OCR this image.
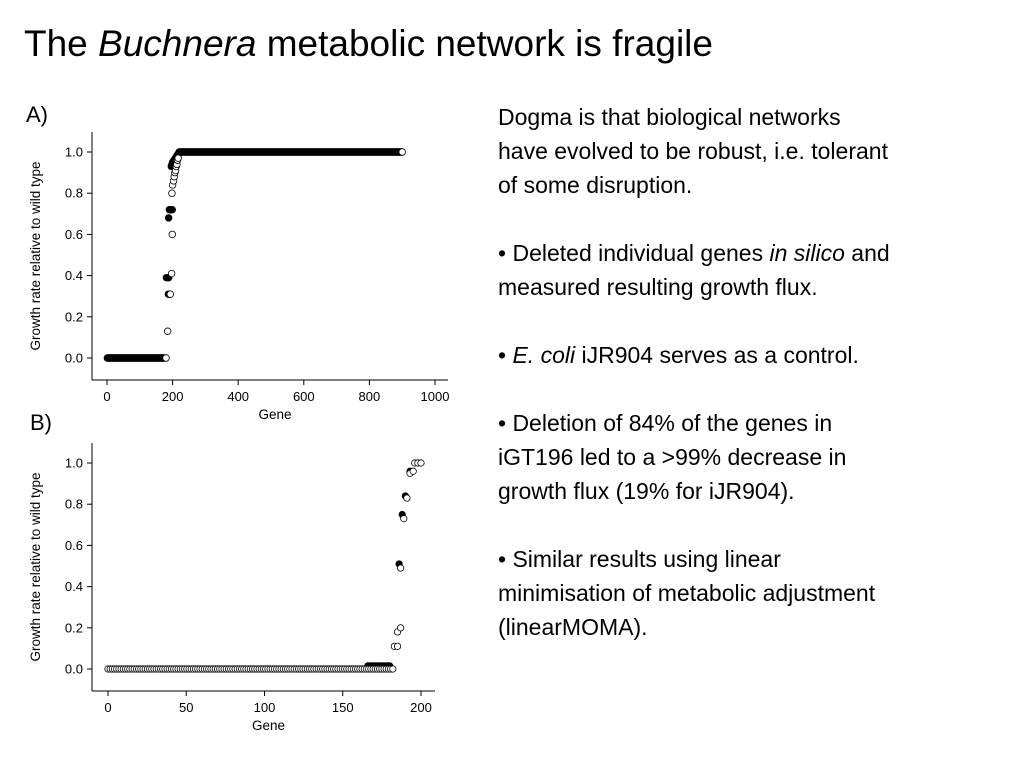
The Buchnera metabolic network is fragile
A)
B)
0.0
0.2
0.4
0.6
0.8
1.0
0	200	400	600	800	1000
Gene
Growth rate relative to wild type
0.0
0.2
0.4
0.6
0.8
1.0
0	50	100	150	200
Gene
Growth rate relative to wild type

Dogma is that biological networks
have evolved to be robust, i.e. tolerant
of some disruption.

• Deleted individual genes in silico and
measured resulting growth flux.

• E. coli iJR904 serves as a control.

• Deletion of 84% of the genes in
iGT196 led to a >99% decrease in
growth flux (19% for iJR904).

• Similar results using linear
minimisation of metabolic adjustment
(linearMOMA).
